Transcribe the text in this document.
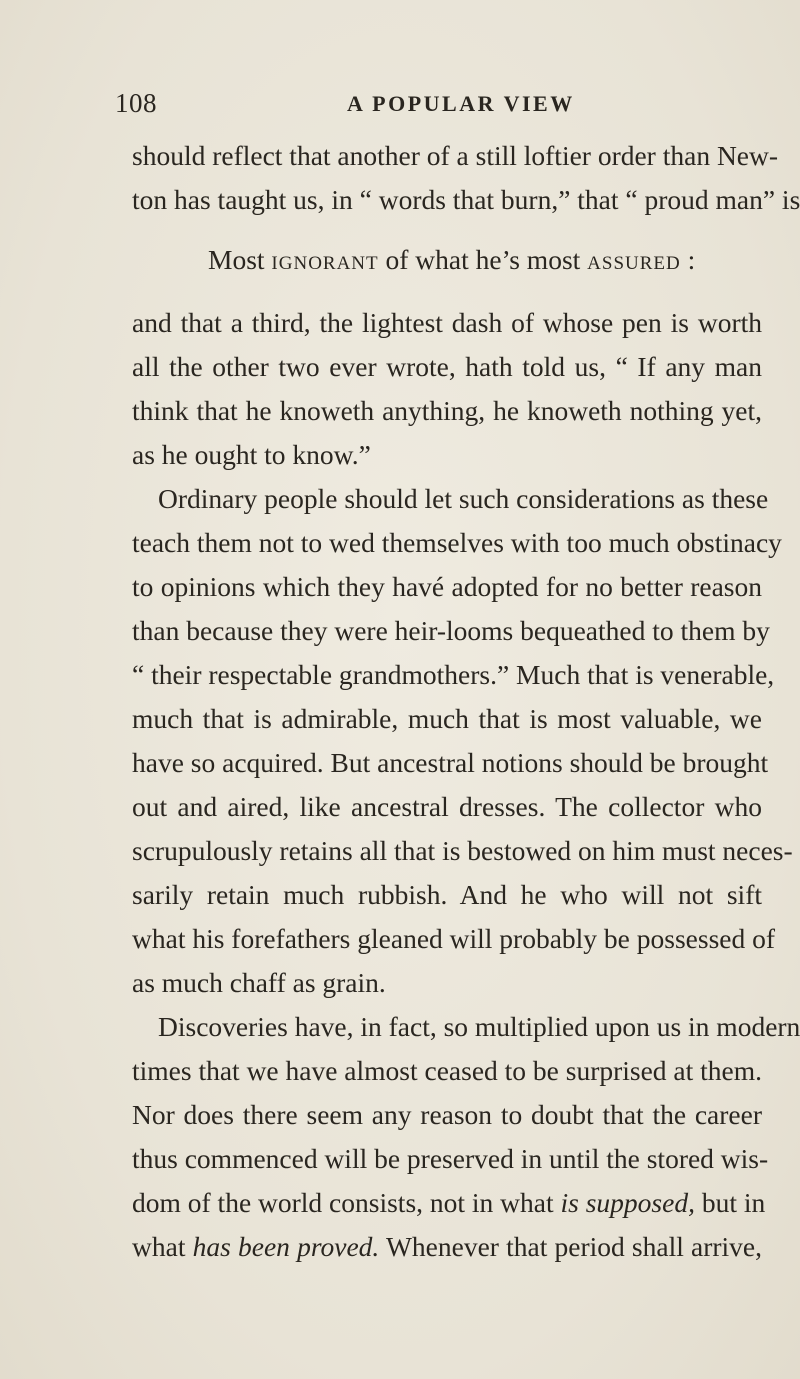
108	A POPULAR VIEW
should reflect that another of a still loftier order than New-
ton has taught us, in “ words that burn,” that “ proud man” is
Most ignorant of what he’s most assured :
and that a third, the lightest dash of whose pen is worth
all the other two ever wrote, hath told us, “ If any man
think that he knoweth anything, he knoweth nothing yet,
as he ought to know.”
Ordinary people should let such considerations as these
teach them not to wed themselves with too much obstinacy
to opinions which they havé adopted for no better reason
than because they were heir-looms bequeathed to them by
“ their respectable grandmothers.” Much that is venerable,
much that is admirable, much that is most valuable, we
have so acquired. But ancestral notions should be brought
out and aired, like ancestral dresses. The collector who
scrupulously retains all that is bestowed on him must neces-
sarily retain much rubbish. And he who will not sift
what his forefathers gleaned will probably be possessed of
as much chaff as grain.
Discoveries have, in fact, so multiplied upon us in modern
times that we have almost ceased to be surprised at them.
Nor does there seem any reason to doubt that the career
thus commenced will be preserved in until the stored wis-
dom of the world consists, not in what is supposed, but in
what has been proved. Whenever that period shall arrive,
